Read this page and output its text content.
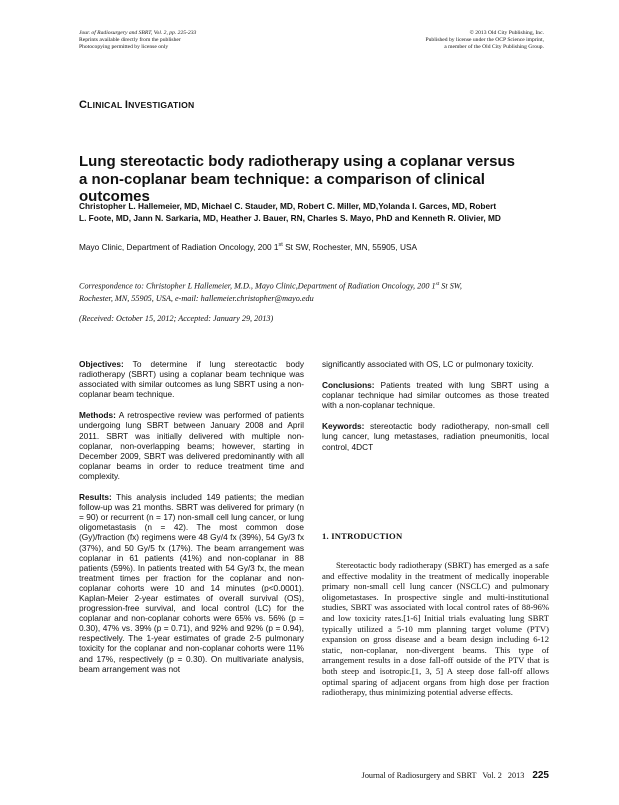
Jour. of Radiosurgery and SBRT, Vol. 2, pp. 225-233
Reprints available directly from the publisher
Photocopying permitted by license only
© 2013 Old City Publishing, Inc.
Published by license under the OCP Science imprint,
a member of the Old City Publishing Group.
CLINICAL INVESTIGATION
Lung stereotactic body radiotherapy using a coplanar versus
a non-coplanar beam technique: a comparison of clinical outcomes
Christopher L. Hallemeier, MD, Michael C. Stauder, MD, Robert C. Miller, MD,Yolanda I. Garces, MD, Robert
L. Foote, MD, Jann N. Sarkaria, MD, Heather J. Bauer, RN, Charles S. Mayo, PhD and Kenneth R. Olivier, MD
Mayo Clinic, Department of Radiation Oncology, 200 1st St SW, Rochester, MN, 55905, USA
Correspondence to: Christopher L Hallemeier, M.D., Mayo Clinic,Department of Radiation Oncology, 200 1st St SW,
Rochester, MN, 55905, USA, e-mail: hallemeier.christopher@mayo.edu
(Received: October 15, 2012; Accepted: January 29, 2013)

Objectives: To determine if lung stereotactic body radiotherapy (SBRT) using a coplanar beam technique was associated with similar outcomes as lung SBRT using a non-coplanar beam technique.

Methods: A retrospective review was performed of patients undergoing lung SBRT between January 2008 and April 2011. SBRT was initially delivered with multiple non-coplanar, non-overlapping beams; however, starting in December 2009, SBRT was delivered predominantly with all coplanar beams in order to reduce treatment time and complexity.

Results: This analysis included 149 patients; the median follow-up was 21 months. SBRT was delivered for primary (n = 90) or recurrent (n = 17) non-small cell lung cancer, or lung oligometastasis (n = 42). The most common dose (Gy)/fraction (fx) regimens were 48 Gy/4 fx (39%), 54 Gy/3 fx (37%), and 50 Gy/5 fx (17%). The beam arrangement was coplanar in 61 patients (41%) and non-coplanar in 88 patients (59%). In patients treated with 54 Gy/3 fx, the mean treatment times per fraction for the coplanar and non-coplanar cohorts were 10 and 14 minutes (p<0.0001). Kaplan-Meier 2-year estimates of overall survival (OS), progression-free survival, and local control (LC) for the coplanar and non-coplanar cohorts were 65% vs. 56% (p = 0.30), 47% vs. 39% (p = 0.71), and 92% and 92% (p = 0.94), respectively. The 1-year estimates of grade 2-5 pulmonary toxicity for the coplanar and non-coplanar cohorts were 11% and 17%, respectively (p = 0.30). On multivariate analysis, beam arrangement was not

significantly associated with OS, LC or pulmonary toxicity.

Conclusions: Patients treated with lung SBRT using a coplanar technique had similar outcomes as those treated with a non-coplanar technique.

Keywords: stereotactic body radiotherapy, non-small cell lung cancer, lung metastases, radiation pneumonitis, local control, 4DCT

1. INTRODUCTION
Stereotactic body radiotherapy (SBRT) has emerged as a safe and effective modality in the treatment of medically inoperable primary non-small cell lung cancer (NSCLC) and pulmonary oligometastases. In prospective single and multi-institutional studies, SBRT was associated with local control rates of 88-96% and low toxicity rates.[1-6] Initial trials evaluating lung SBRT typically utilized a 5-10 mm planning target volume (PTV) expansion on gross disease and a beam design including 6-12 static, non-coplanar, non-divergent beams. This type of arrangement results in a dose fall-off outside of the PTV that is both steep and isotropic.[1, 3, 5] A steep dose fall-off allows optimal sparing of adjacent organs from high dose per fraction radiotherapy, thus minimizing potential adverse effects.
Journal of Radiosurgery and SBRT   Vol. 2   2013 225
